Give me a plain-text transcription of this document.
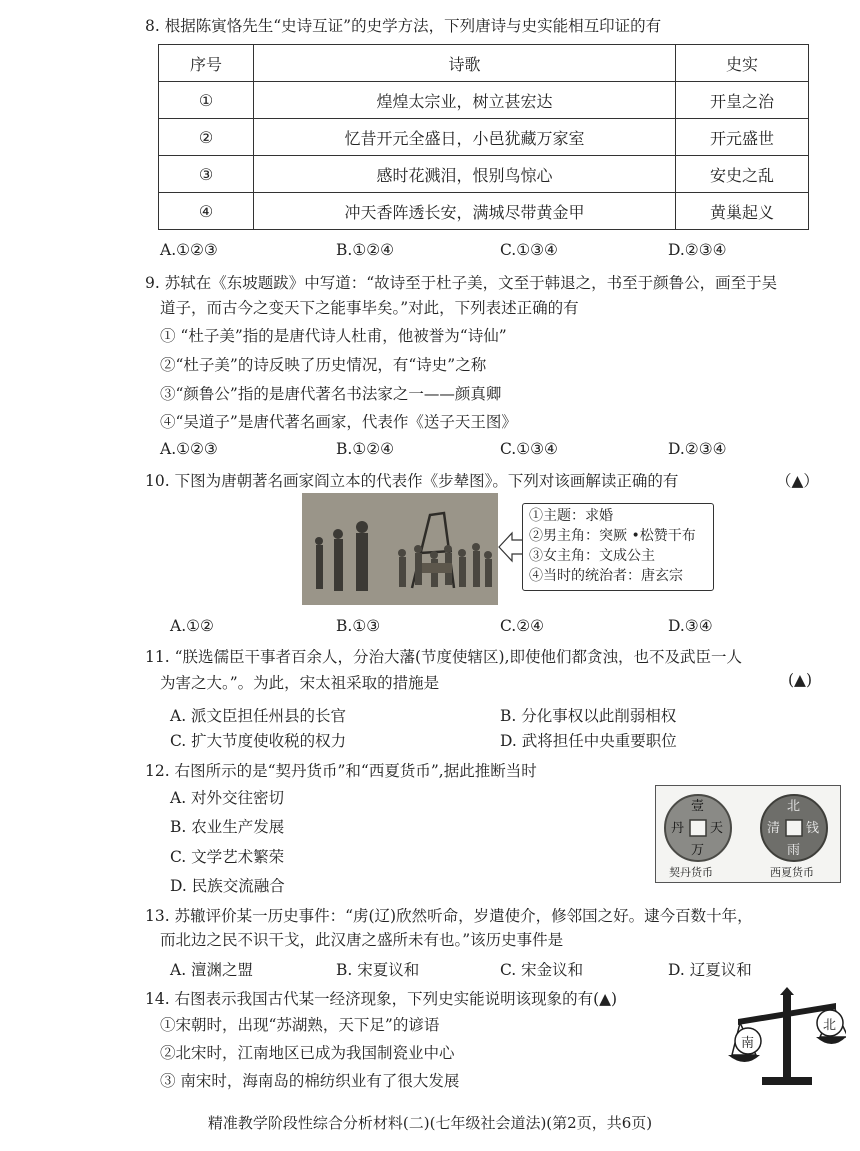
8. 根据陈寅恪先生“史诗互证”的史学方法，下列唐诗与史实能相互印证的有
序号	诗歌	史实
①	煌煌太宗业，树立甚宏达	开皇之治
②	忆昔开元全盛日，小邑犹藏万家室	开元盛世
③	感时花溅泪，恨别鸟惊心	安史之乱
④	冲天香阵透长安，满城尽带黄金甲	黄巢起义
A.①②③	B.①②④	C.①③④	D.②③④
9. 苏轼在《东坡题跋》中写道：“故诗至于杜子美，文至于韩退之，书至于颜鲁公，画至于吴
道子，而古今之变天下之能事毕矣。”对此，下列表述正确的有
① “杜子美”指的是唐代诗人杜甫，他被誉为“诗仙”
②“杜子美”的诗反映了历史情况，有“诗史”之称
③“颜鲁公”指的是唐代著名书法家之一——颜真卿
④“吴道子”是唐代著名画家，代表作《送子天王图》
A.①②③	B.①②④	C.①③④	D.②③④
10. 下图为唐朝著名画家阎立本的代表作《步辇图》。下列对该画解读正确的有	（▲）
①主题：求婚
②男主角：突厥 •松赞干布
③女主角：文成公主
④当时的统治者：唐玄宗
A.①②	B.①③	C.②④	D.③④
11. “朕选儒臣干事者百余人，分治大藩(节度使辖区),即使他们都贪浊，也不及武臣一人
为害之大。”。为此，宋太祖采取的措施是	(▲)
A. 派文臣担任州县的长官	B. 分化事权以此削弱相权
C. 扩大节度使收税的权力	D. 武将担任中央重要职位
12. 右图所示的是“契丹货币”和“西夏货币”,据此推断当时
A. 对外交往密切
B. 农业生产发展
C. 文学艺术繁荣
D. 民族交流融合
壹
天
万
丹
北
钱
雨
清
契丹货币	西夏货币
13. 苏辙评价某一历史事件：“虏(辽)欣然听命，岁遣使介，修邻国之好。逮今百数十年，
而北边之民不识干戈，此汉唐之盛所未有也。”该历史事件是
A. 澶渊之盟	B. 宋夏议和	C. 宋金议和	D. 辽夏议和
14. 右图表示我国古代某一经济现象，下列史实能说明该现象的有(▲)
①宋朝时，出现“苏湖熟，天下足”的谚语
②北宋时，江南地区已成为我国制瓷业中心
③ 南宋时，海南岛的棉纺织业有了很大发展
南
北
精准教学阶段性综合分析材料(二)(七年级社会道法)(第2页，共6页)
